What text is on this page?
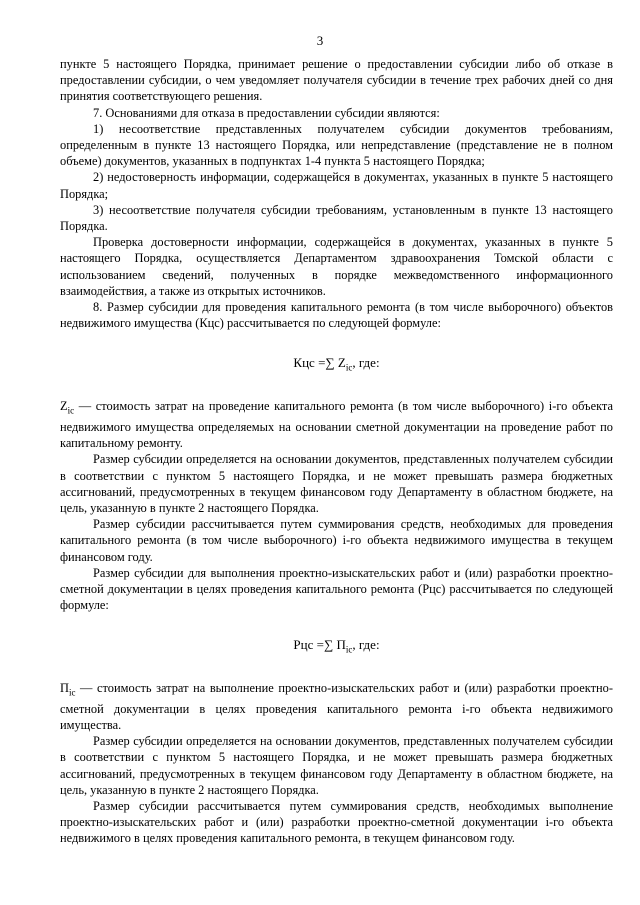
3

пункте 5 настоящего Порядка, принимает решение о предоставлении субсидии либо об отказе в предоставлении субсидии, о чем уведомляет получателя субсидии в течение трех рабочих дней со дня принятия соответствующего решения.

7. Основаниями для отказа в предоставлении субсидии являются:

1) несоответствие представленных получателем субсидии документов требованиям, определенным в пункте 13 настоящего Порядка, или непредставление (представление не в полном объеме) документов, указанных в подпунктах 1-4 пункта 5 настоящего Порядка;

2) недостоверность информации, содержащейся в документах, указанных в пункте 5 настоящего Порядка;

3) несоответствие получателя субсидии требованиям, установленным в пункте 13 настоящего Порядка.

Проверка достоверности информации, содержащейся в документах, указанных в пункте 5 настоящего Порядка, осуществляется Департаментом здравоохранения Томской области с использованием сведений, полученных в порядке межведомственного информационного взаимодействия, а также из открытых источников.

8. Размер субсидии для проведения капитального ремонта (в том числе выборочного) объектов недвижимого имущества (Кцс) рассчитывается по следующей формуле:

Кцс =∑ $Z_{ic}$, где:

$Z_{ic}$ — стоимость затрат на проведение капитального ремонта (в том числе выборочного) i-го объекта недвижимого имущества определяемых на основании сметной документации на проведение работ по капитальному ремонту.

Размер субсидии определяется на основании документов, представленных получателем субсидии в соответствии с пунктом 5 настоящего Порядка, и не может превышать размера бюджетных ассигнований, предусмотренных в текущем финансовом году Департаменту в областном бюджете, на цель, указанную в пункте 2 настоящего Порядка.

Размер субсидии рассчитывается путем суммирования средств, необходимых для проведения капитального ремонта (в том числе выборочного) i-го объекта недвижимого имущества в текущем финансовом году.

Размер субсидии для выполнения проектно-изыскательских работ и (или) разработки проектно-сметной документации в целях проведения капитального ремонта (Рцс) рассчитывается по следующей формуле:

Рцс =∑ $П_{ic}$, где:

$П_{ic}$ — стоимость затрат на выполнение проектно-изыскательских работ и (или) разработки проектно-сметной документации в целях проведения капитального ремонта i-го объекта недвижимого имущества.

Размер субсидии определяется на основании документов, представленных получателем субсидии в соответствии с пунктом 5 настоящего Порядка, и не может превышать размера бюджетных ассигнований, предусмотренных в текущем финансовом году Департаменту в областном бюджете, на цель, указанную в пункте 2 настоящего Порядка.

Размер субсидии рассчитывается путем суммирования средств, необходимых выполнение проектно-изыскательских работ и (или) разработки проектно-сметной документации i-го объекта недвижимого в целях проведения капитального ремонта, в текущем финансовом году.
